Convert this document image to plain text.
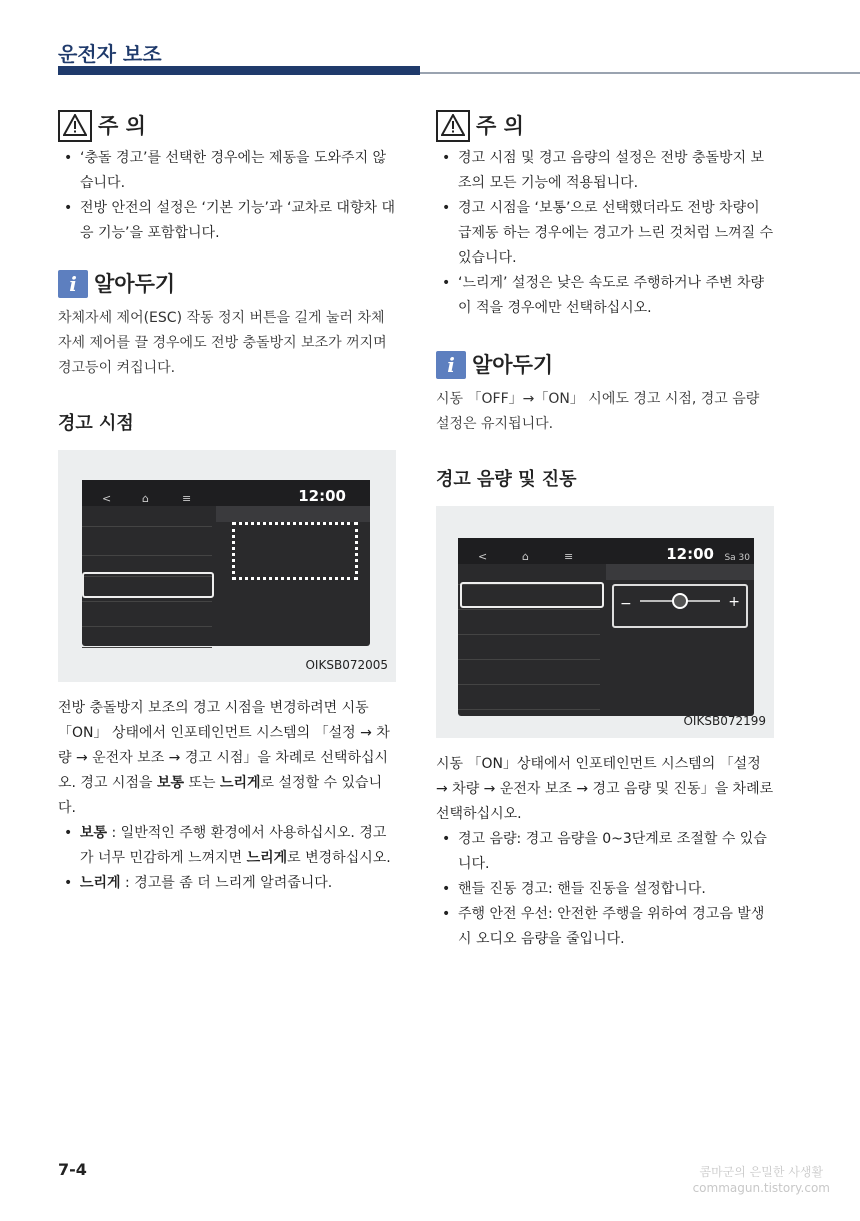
운전자 보조
주 의
• ‘충돌 경고’를 선택한 경우에는 제동을 도와주지 않습니다.
• 전방 안전의 설정은 ‘기본 기능’과 ‘교차로 대향차 대응 기능’을 포함합니다.
i 알아두기
차체자세 제어(ESC) 작동 정지 버튼을 길게 눌러 차체자세 제어를 끌 경우에도 전방 충돌방지 보조가 꺼지며 경고등이 켜집니다.
경고 시점
<	⌂	≡	12:00
OIKSB072005
전방 충돌방지 보조의 경고 시점을 변경하려면 시동 「ON」 상태에서 인포테인먼트 시스템의 「설정 → 차량 → 운전자 보조 → 경고 시점」을 차례로 선택하십시오. 경고 시점을 보통 또는 느리게로 설정할 수 있습니다.
• 보통 : 일반적인 주행 환경에서 사용하십시오. 경고가 너무 민감하게 느껴지면 느리게로 변경하십시오.
• 느리게 : 경고를 좀 더 느리게 알려줍니다.
주 의
• 경고 시점 및 경고 음량의 설정은 전방 충돌방지 보조의 모든 기능에 적용됩니다.
• 경고 시점을 ‘보통’으로 선택했더라도 전방 차량이 급제동 하는 경우에는 경고가 느린 것처럼 느껴질 수 있습니다.
• ‘느리게’ 설정은 낮은 속도로 주행하거나 주변 차량이 적을 경우에만 선택하십시오.
i 알아두기
시동 「OFF」→「ON」 시에도 경고 시점, 경고 음량 설정은 유지됩니다.
경고 음량 및 진동
<	⌂	≡	12:00 Sa 30
−	+
OIKSB072199
시동 「ON」상태에서 인포테인먼트 시스템의 「설정 → 차량 → 운전자 보조 → 경고 음량 및 진동」을 차례로 선택하십시오.
• 경고 음량: 경고 음량을 0~3단계로 조절할 수 있습니다.
• 핸들 진동 경고: 핸들 진동을 설정합니다.
• 주행 안전 우선: 안전한 주행을 위하여 경고음 발생 시 오디오 음량을 줄입니다.
7-4	콤마군의 은밀한 사생활
commagun.tistory.com
